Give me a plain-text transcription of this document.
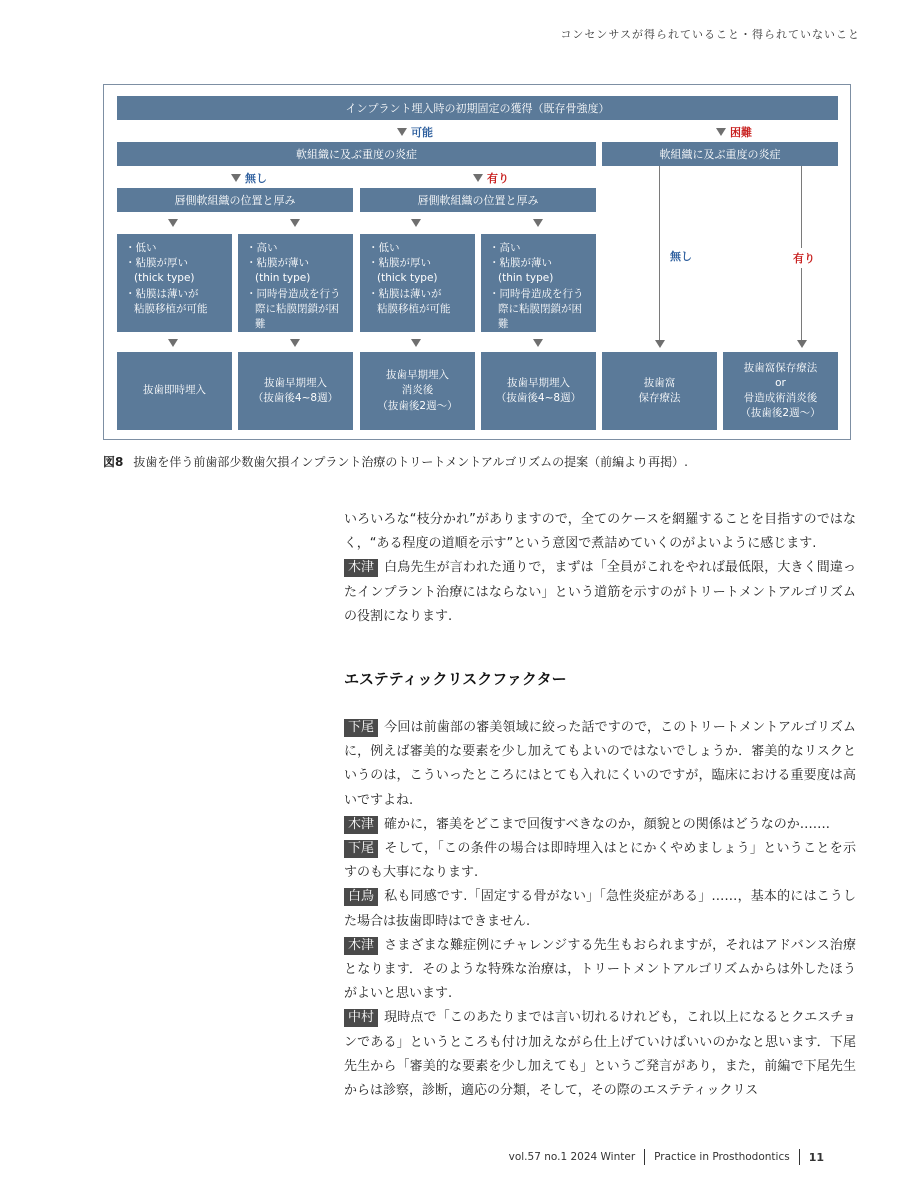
コンセンサスが得られていること・得られていないこと
インプラント埋入時の初期固定の獲得（既存骨強度）
可能	困難
軟組織に及ぶ重度の炎症	軟組織に及ぶ重度の炎症
無し	有り
唇側軟組織の位置と厚み	唇側軟組織の位置と厚み
・低い
・粘膜が厚い
(thick type)
・粘膜は薄いが
粘膜移植が可能
・高い
・粘膜が薄い
(thin type)
・同時骨造成を行う
際に粘膜閉鎖が困難
・低い
・粘膜が厚い
(thick type)
・粘膜は薄いが
粘膜移植が可能
・高い
・粘膜が薄い
(thin type)
・同時骨造成を行う
際に粘膜閉鎖が困難
無し	有り
抜歯即時埋入
抜歯早期埋入
（抜歯後4~8週）
抜歯早期埋入
消炎後
（抜歯後2週～）
抜歯早期埋入
（抜歯後4~8週）
抜歯窩
保存療法
抜歯窩保存療法
or
骨造成術消炎後
（抜歯後2週～）
図8 抜歯を伴う前歯部少数歯欠損インプラント治療のトリートメントアルゴリズムの提案（前編より再掲）.

いろいろな“枝分かれ”がありますので，全てのケースを網羅することを目指すのではなく，“ある程度の道順を示す”という意図で煮詰めていくのがよいように感じます.

木津 白鳥先生が言われた通りで，まずは「全員がこれをやれば最低限，大きく間違ったインプラント治療にはならない」という道筋を示すのがトリートメントアルゴリズムの役割になります.

エステティックリスクファクター

下尾 今回は前歯部の審美領域に絞った話ですので，このトリートメントアルゴリズムに，例えば審美的な要素を少し加えてもよいのではないでしょうか．審美的なリスクというのは，こういったところにはとても入れにくいのですが，臨床における重要度は高いですよね.

木津 確かに，審美をどこまで回復すべきなのか，顔貌との関係はどうなのか…….

下尾 そして，「この条件の場合は即時埋入はとにかくやめましょう」ということを示すのも大事になります.

白鳥 私も同感です.「固定する骨がない」「急性炎症がある」……，基本的にはこうした場合は抜歯即時はできません.

木津 さまざまな難症例にチャレンジする先生もおられますが，それはアドバンス治療となります．そのような特殊な治療は，トリートメントアルゴリズムからは外したほうがよいと思います.

中村 現時点で「このあたりまでは言い切れるけれども，これ以上になるとクエスチョンである」というところも付け加えながら仕上げていけばいいのかなと思います．下尾先生から「審美的な要素を少し加えても」というご発言があり，また，前編で下尾先生からは診察，診断，適応の分類，そして，その際のエステティックリス

vol.57 no.1 2024 Winter Practice in Prosthodontics 11
